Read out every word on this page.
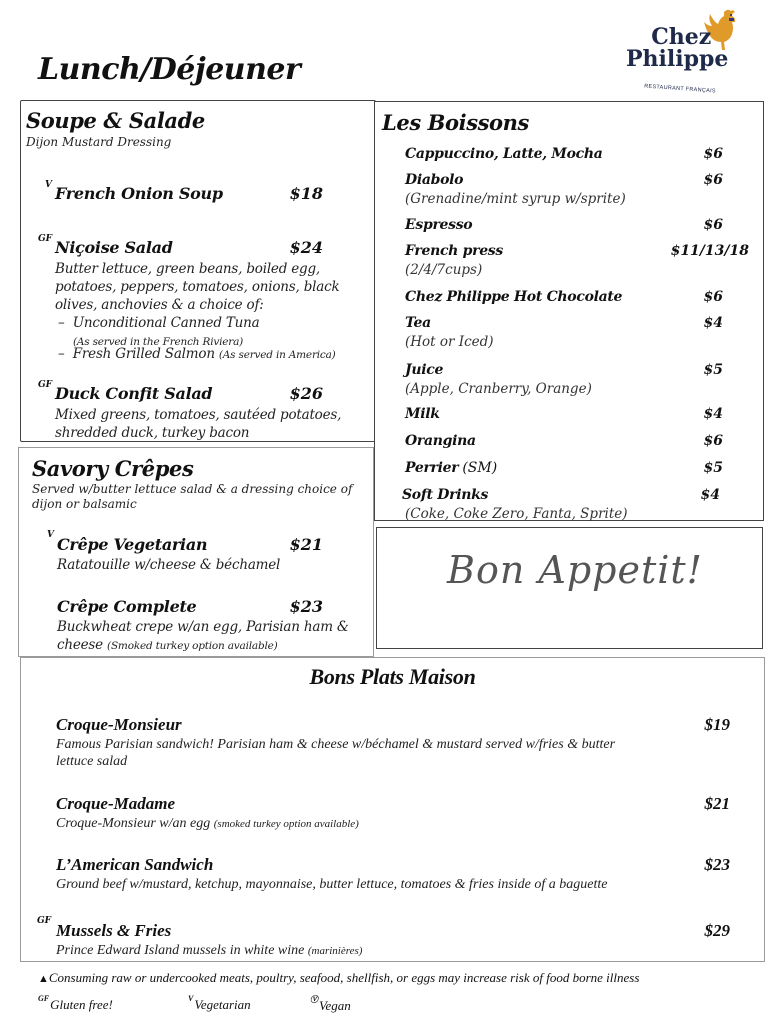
Lunch/Déjeuner
Chez
Philippe
RESTAURANT FRANÇAIS
Soupe & Salade
Dijon Mustard Dressing
V French Onion Soup	$18
GF Niçoise Salad	$24
Butter lettuce, green beans, boiled egg,
potatoes, peppers, tomatoes, onions, black
olives, anchovies & a choice of:
–  Unconditional Canned Tuna
(As served in the French Riviera)
–  Fresh Grilled Salmon (As served in America)
GF Duck Confit Salad	$26
Mixed greens, tomatoes, sautéed potatoes,
shredded duck, turkey bacon
Savory Crêpes
Served w/butter lettuce salad & a dressing choice of
dijon or balsamic
V Crêpe Vegetarian	$21
Ratatouille w/cheese & béchamel
Crêpe Complete	$23
Buckwheat crepe w/an egg, Parisian ham &
cheese (Smoked turkey option available)
Les Boissons
Cappuccino, Latte, Mocha	$6
Diabolo	$6
(Grenadine/mint syrup w/sprite)
Espresso	$6
French press	$11/13/18
(2/4/7cups)
Chez Philippe Hot Chocolate	$6
Tea	$4
(Hot or Iced)
Juice	$5
(Apple, Cranberry, Orange)
Milk	$4
Orangina	$6
Perrier (SM)	$5
Soft Drinks	$4
(Coke, Coke Zero, Fanta, Sprite)
Bon Appetit!
Bons Plats Maison
Croque-Monsieur	$19
Famous Parisian sandwich! Parisian ham & cheese w/béchamel & mustard served w/fries & butter
lettuce salad
Croque-Madame	$21
Croque-Monsieur w/an egg (smoked turkey option available)
L’American Sandwich	$23
Ground beef w/mustard, ketchup, mayonnaise, butter lettuce, tomatoes & fries inside of a baguette
GF Mussels & Fries	$29
Prince Edward Island mussels in white wine (marinières)
▲Consuming raw or undercooked meats, poultry, seafood, shellfish, or eggs may increase risk of food borne illness
$^{GF}$Gluten free!	$^V$Vegetarian	ⓋVegan
